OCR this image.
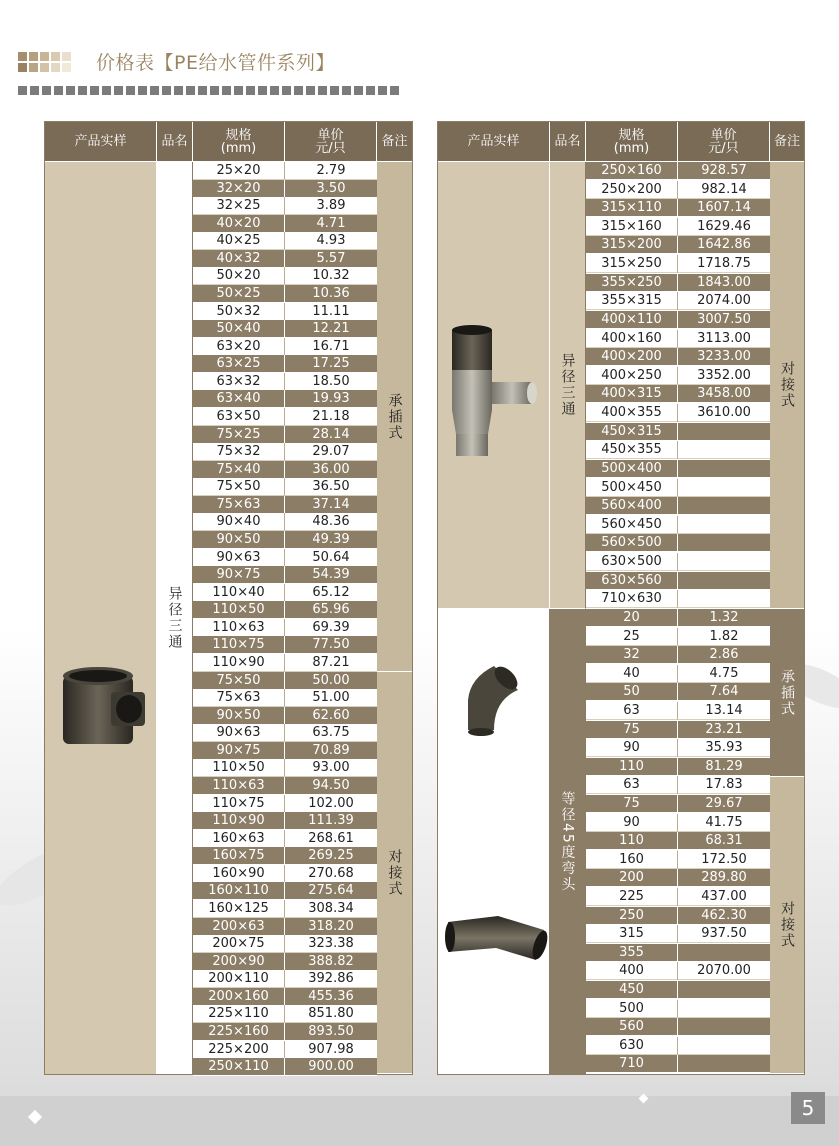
价格表【PE给水管件系列】
产品实样	品名	规格
(mm)
单价
元/只	备注
异径三通
承插式
对接式
25×20	2.79
32×20	3.50
32×25	3.89
40×20	4.71
40×25	4.93
40×32	5.57
50×20	10.32
50×25	10.36
50×32	11.11
50×40	12.21
63×20	16.71
63×25	17.25
63×32	18.50
63×40	19.93
63×50	21.18
75×25	28.14
75×32	29.07
75×40	36.00
75×50	36.50
75×63	37.14
90×40	48.36
90×50	49.39
90×63	50.64
90×75	54.39
110×40	65.12
110×50	65.96
110×63	69.39
110×75	77.50
110×90	87.21
75×50	50.00
75×63	51.00
90×50	62.60
90×63	63.75
90×75	70.89
110×50	93.00
110×63	94.50
110×75	102.00
110×90	111.39
160×63	268.61
160×75	269.25
160×90	270.68
160×110	275.64
160×125	308.34
200×63	318.20
200×75	323.38
200×90	388.82
200×110	392.86
200×160	455.36
225×110	851.80
225×160	893.50
225×200	907.98
250×110	900.00
产品实样	品名	规格
(mm)
单价
元/只	备注
异径三通	对接式
等径45度弯头
承插式
对接式
250×160	928.57
250×200	982.14
315×110	1607.14
315×160	1629.46
315×200	1642.86
315×250	1718.75
355×250	1843.00
355×315	2074.00
400×110	3007.50
400×160	3113.00
400×200	3233.00
400×250	3352.00
400×315	3458.00
400×355	3610.00
450×315
450×355
500×400
500×450
560×400
560×450
560×500
630×500
630×560
710×630
20	1.32
25	1.82
32	2.86
40	4.75
50	7.64
63	13.14
75	23.21
90	35.93
110	81.29
63	17.83
75	29.67
90	41.75
110	68.31
160	172.50
200	289.80
225	437.00
250	462.30
315	937.50
355
400	2070.00
450
500
560
630
710
5
